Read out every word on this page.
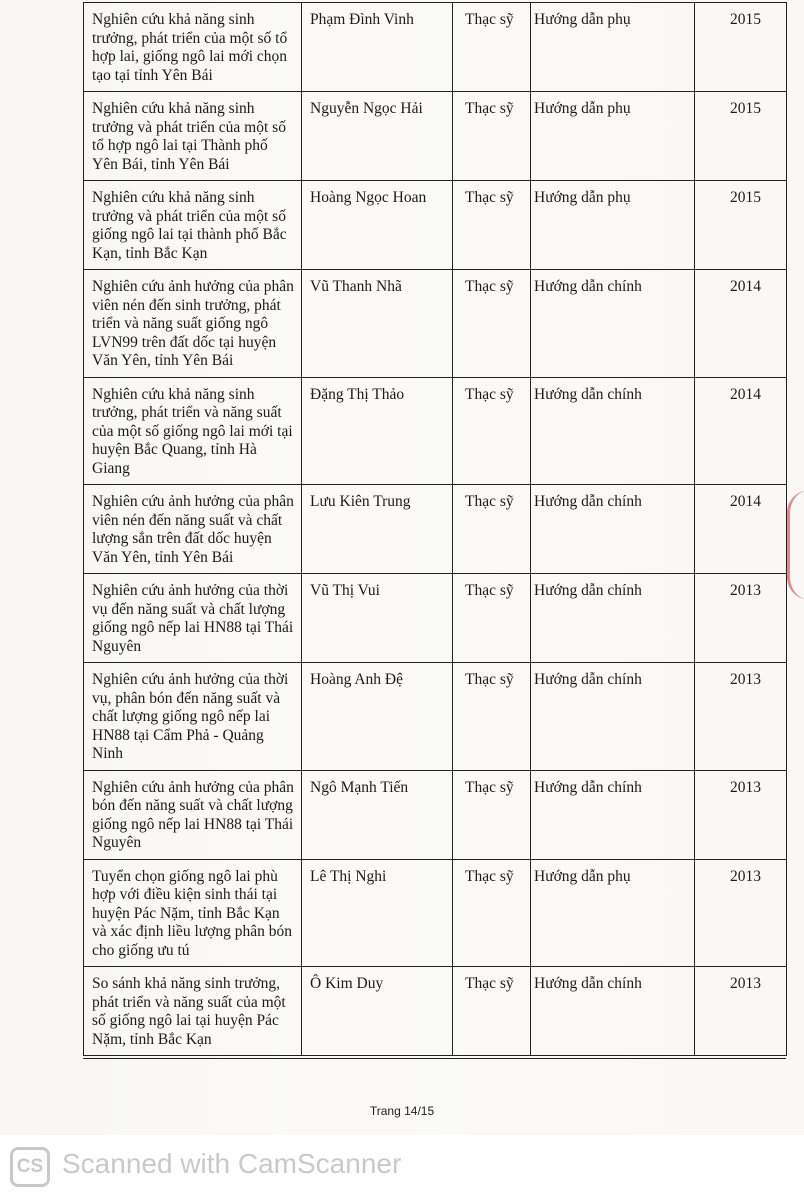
Nghiên cứu khả năng sinh trưởng, phát triển của một số tổ hợp lai, giống ngô lai mới chọn tạo tại tỉnh Yên Bái	Phạm Đình Vinh	Thạc sỹ	Hướng dẫn phụ	2015
Nghiên cứu khả năng sinh trưởng và phát triển của một số tổ hợp ngô lai tại Thành phố Yên Bái, tỉnh Yên Bái	Nguyễn Ngọc Hải	Thạc sỹ	Hướng dẫn phụ	2015
Nghiên cứu khả năng sinh trưởng và phát triển của một số giống ngô lai tại thành phố Bắc Kạn, tỉnh Bắc Kạn	Hoàng Ngọc Hoan	Thạc sỹ	Hướng dẫn phụ	2015
Nghiên cứu ảnh hưởng của phân viên nén đến sinh trưởng, phát triển và năng suất giống ngô LVN99 trên đất dốc tại huyện Văn Yên, tỉnh Yên Bái	Vũ Thanh Nhã	Thạc sỹ	Hướng dẫn chính	2014
Nghiên cứu khả năng sinh trưởng, phát triển và năng suất của một số giống ngô lai mới tại huyện Bắc Quang, tỉnh Hà Giang	Đặng Thị Thảo	Thạc sỹ	Hướng dẫn chính	2014
Nghiên cứu ảnh hưởng của phân viên nén đến năng suất và chất lượng sắn trên đất dốc huyện Văn Yên, tỉnh Yên Bái	Lưu Kiên Trung	Thạc sỹ	Hướng dẫn chính	2014
Nghiên cứu ảnh hưởng của thời vụ đến năng suất và chất lượng giống ngô nếp lai HN88 tại Thái Nguyên	Vũ Thị Vui	Thạc sỹ	Hướng dẫn chính	2013
Nghiên cứu ảnh hưởng của thời vụ, phân bón đến năng suất và chất lượng giống ngô nếp lai HN88 tại Cẩm Phả - Quảng Ninh	Hoàng Anh Đệ	Thạc sỹ	Hướng dẫn chính	2013
Nghiên cứu ảnh hưởng của phân bón đến năng suất và chất lượng giống ngô nếp lai HN88 tại Thái Nguyên	Ngô Mạnh Tiến	Thạc sỹ	Hướng dẫn chính	2013
Tuyển chọn giống ngô lai phù hợp với điều kiện sinh thái tại huyện Pác Nặm, tỉnh Bắc Kạn và xác định liều lượng phân bón cho giống ưu tú	Lê Thị Nghi	Thạc sỹ	Hướng dẫn phụ	2013
So sánh khả năng sinh trưởng, phát triển và năng suất của một số giống ngô lai tại huyện Pác Nặm, tỉnh Bắc Kạn	Ô Kim Duy	Thạc sỹ	Hướng dẫn chính	2013
Trang 14/15
CS Scanned with CamScanner
